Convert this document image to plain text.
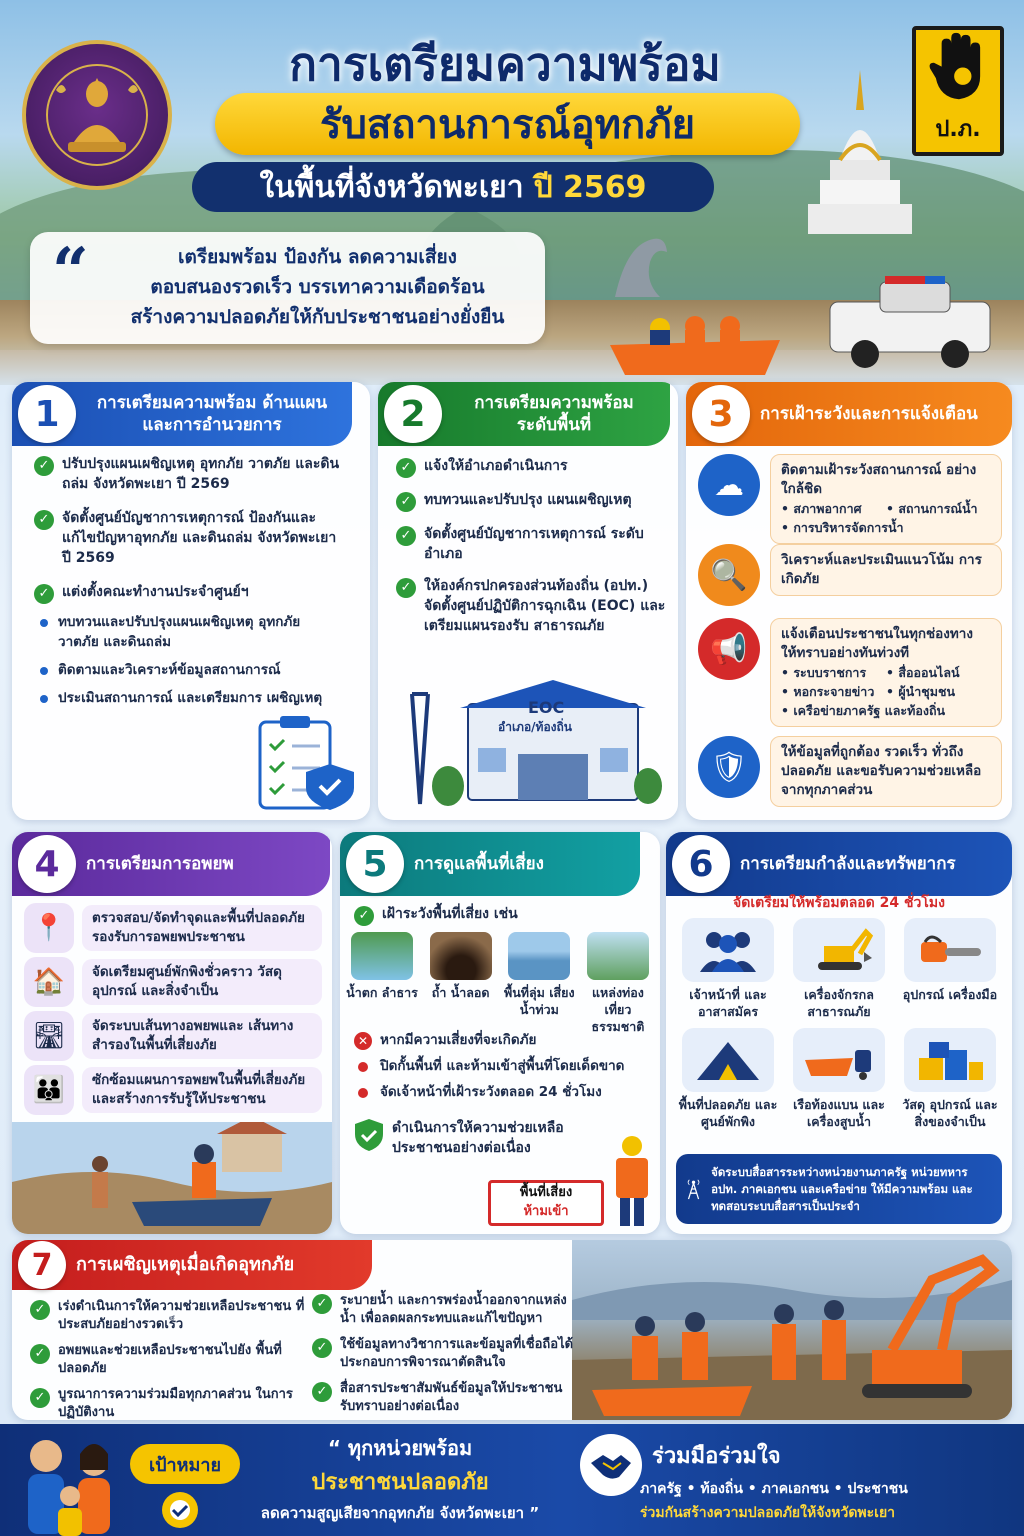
ป.ภ.
การเตรียมความพร้อม
รับสถานการณ์อุทกภัย
ในพื้นที่จังหวัดพะเยา ปี 2569
“	เตรียมพร้อม ป้องกัน ลดความเสี่ยง
ตอบสนองรวดเร็ว บรรเทาความเดือดร้อน
สร้างความปลอดภัยให้กับประชาชนอย่างยั่งยืน
1	การเตรียมความพร้อม ด้านแผนและการอำนวยการ
✓ ปรับปรุงแผนเผชิญเหตุ อุทกภัย วาตภัย และดินถล่ม จังหวัดพะเยา ปี 2569
✓ จัดตั้งศูนย์บัญชาการเหตุการณ์ ป้องกันและแก้ไขปัญหาอุทกภัย และดินถล่ม จังหวัดพะเยา ปี 2569
✓ แต่งตั้งคณะทำงานประจำศูนย์ฯ
ทบทวนและปรับปรุงแผนเผชิญเหตุ อุทกภัย วาตภัย และดินถล่ม
ติดตามและวิเคราะห์ข้อมูลสถานการณ์
ประเมินสถานการณ์ และเตรียมการ เผชิญเหตุ
2	การเตรียมความพร้อม ระดับพื้นที่
✓ แจ้งให้อำเภอดำเนินการ
✓ ทบทวนและปรับปรุง แผนเผชิญเหตุ
✓ จัดตั้งศูนย์บัญชาการเหตุการณ์ ระดับอำเภอ
✓ ให้องค์กรปกครองส่วนท้องถิ่น (อปท.) จัดตั้งศูนย์ปฏิบัติการฉุกเฉิน (EOC) และเตรียมแผนรองรับ สาธารณภัย
EOC
อำเภอ/ท้องถิ่น
3	การเฝ้าระวังและการแจ้งเตือน
☁	ติดตามเฝ้าระวังสถานการณ์ อย่างใกล้ชิด
• สภาพอากาศ	• สถานการณ์น้ำ
• การบริหารจัดการน้ำ
🔍	วิเคราะห์และประเมินแนวโน้ม การเกิดภัย
📢	แจ้งเตือนประชาชนในทุกช่องทาง ให้ทราบอย่างทันท่วงที
• ระบบราชการ	• สื่อออนไลน์
• หอกระจายข่าว	• ผู้นำชุมชน
• เครือข่ายภาครัฐ และท้องถิ่น
🛡	ให้ข้อมูลที่ถูกต้อง รวดเร็ว ทั่วถึง ปลอดภัย และขอรับความช่วยเหลือ จากทุกภาคส่วน
4	การเตรียมการอพยพ
📍	ตรวจสอบ/จัดทำจุดและพื้นที่ปลอดภัย รองรับการอพยพประชาชน
🏠	จัดเตรียมศูนย์พักพิงชั่วคราว วัสดุ อุปกรณ์ และสิ่งจำเป็น
🛣	จัดระบบเส้นทางอพยพและ เส้นทางสำรองในพื้นที่เสี่ยงภัย
👪	ซักซ้อมแผนการอพยพในพื้นที่เสี่ยงภัย และสร้างการรับรู้ให้ประชาชน
5	การดูแลพื้นที่เสี่ยง
✓ เฝ้าระวังพื้นที่เสี่ยง เช่น
น้ำตก ลำธาร	ถ้ำ น้ำลอด	พื้นที่ลุ่ม เสี่ยงน้ำท่วม
แหล่งท่องเที่ยว ธรรมชาติ
✕ หากมีความเสี่ยงที่จะเกิดภัย
ปิดกั้นพื้นที่ และห้ามเข้าสู่พื้นที่โดยเด็ดขาด
จัดเจ้าหน้าที่เฝ้าระวังตลอด 24 ชั่วโมง
ดำเนินการให้ความช่วยเหลือ ประชาชนอย่างต่อเนื่อง
พื้นที่เสี่ยง
ห้ามเข้า
6	การเตรียมกำลังและทรัพยากร
จัดเตรียมให้พร้อมตลอด 24 ชั่วโมง
เจ้าหน้าที่ และอาสาสมัคร
เครื่องจักรกล สาธารณภัย
อุปกรณ์ เครื่องมือ
พื้นที่ปลอดภัย และศูนย์พักพิง
เรือท้องแบน และเครื่องสูบน้ำ
วัสดุ อุปกรณ์ และสิ่งของจำเป็น
จัดระบบสื่อสารระหว่างหน่วยงานภาครัฐ หน่วยทหาร อปท. ภาคเอกชน และเครือข่าย ให้มีความพร้อม และทดสอบระบบสื่อสารเป็นประจำ
7	การเผชิญเหตุเมื่อเกิดอุทกภัย
✓ เร่งดำเนินการให้ความช่วยเหลือประชาชน ที่ประสบภัยอย่างรวดเร็ว
✓ อพยพและช่วยเหลือประชาชนไปยัง พื้นที่ปลอดภัย
✓ บูรณาการความร่วมมือทุกภาคส่วน ในการปฏิบัติงาน
✓ ระบายน้ำ และการพร่องน้ำออกจากแหล่งน้ำ เพื่อลดผลกระทบและแก้ไขปัญหา
✓ ใช้ข้อมูลทางวิชาการและข้อมูลที่เชื่อถือได้ ประกอบการพิจารณาตัดสินใจ
✓ สื่อสารประชาสัมพันธ์ข้อมูลให้ประชาชน รับทราบอย่างต่อเนื่อง
เป้าหมาย
“ ทุกหน่วยพร้อม
ประชาชนปลอดภัย
ลดความสูญเสียจากอุทกภัย จังหวัดพะเยา ”
ร่วมมือร่วมใจ
ภาครัฐ • ท้องถิ่น • ภาคเอกชน • ประชาชน
ร่วมกันสร้างความปลอดภัยให้จังหวัดพะเยา
